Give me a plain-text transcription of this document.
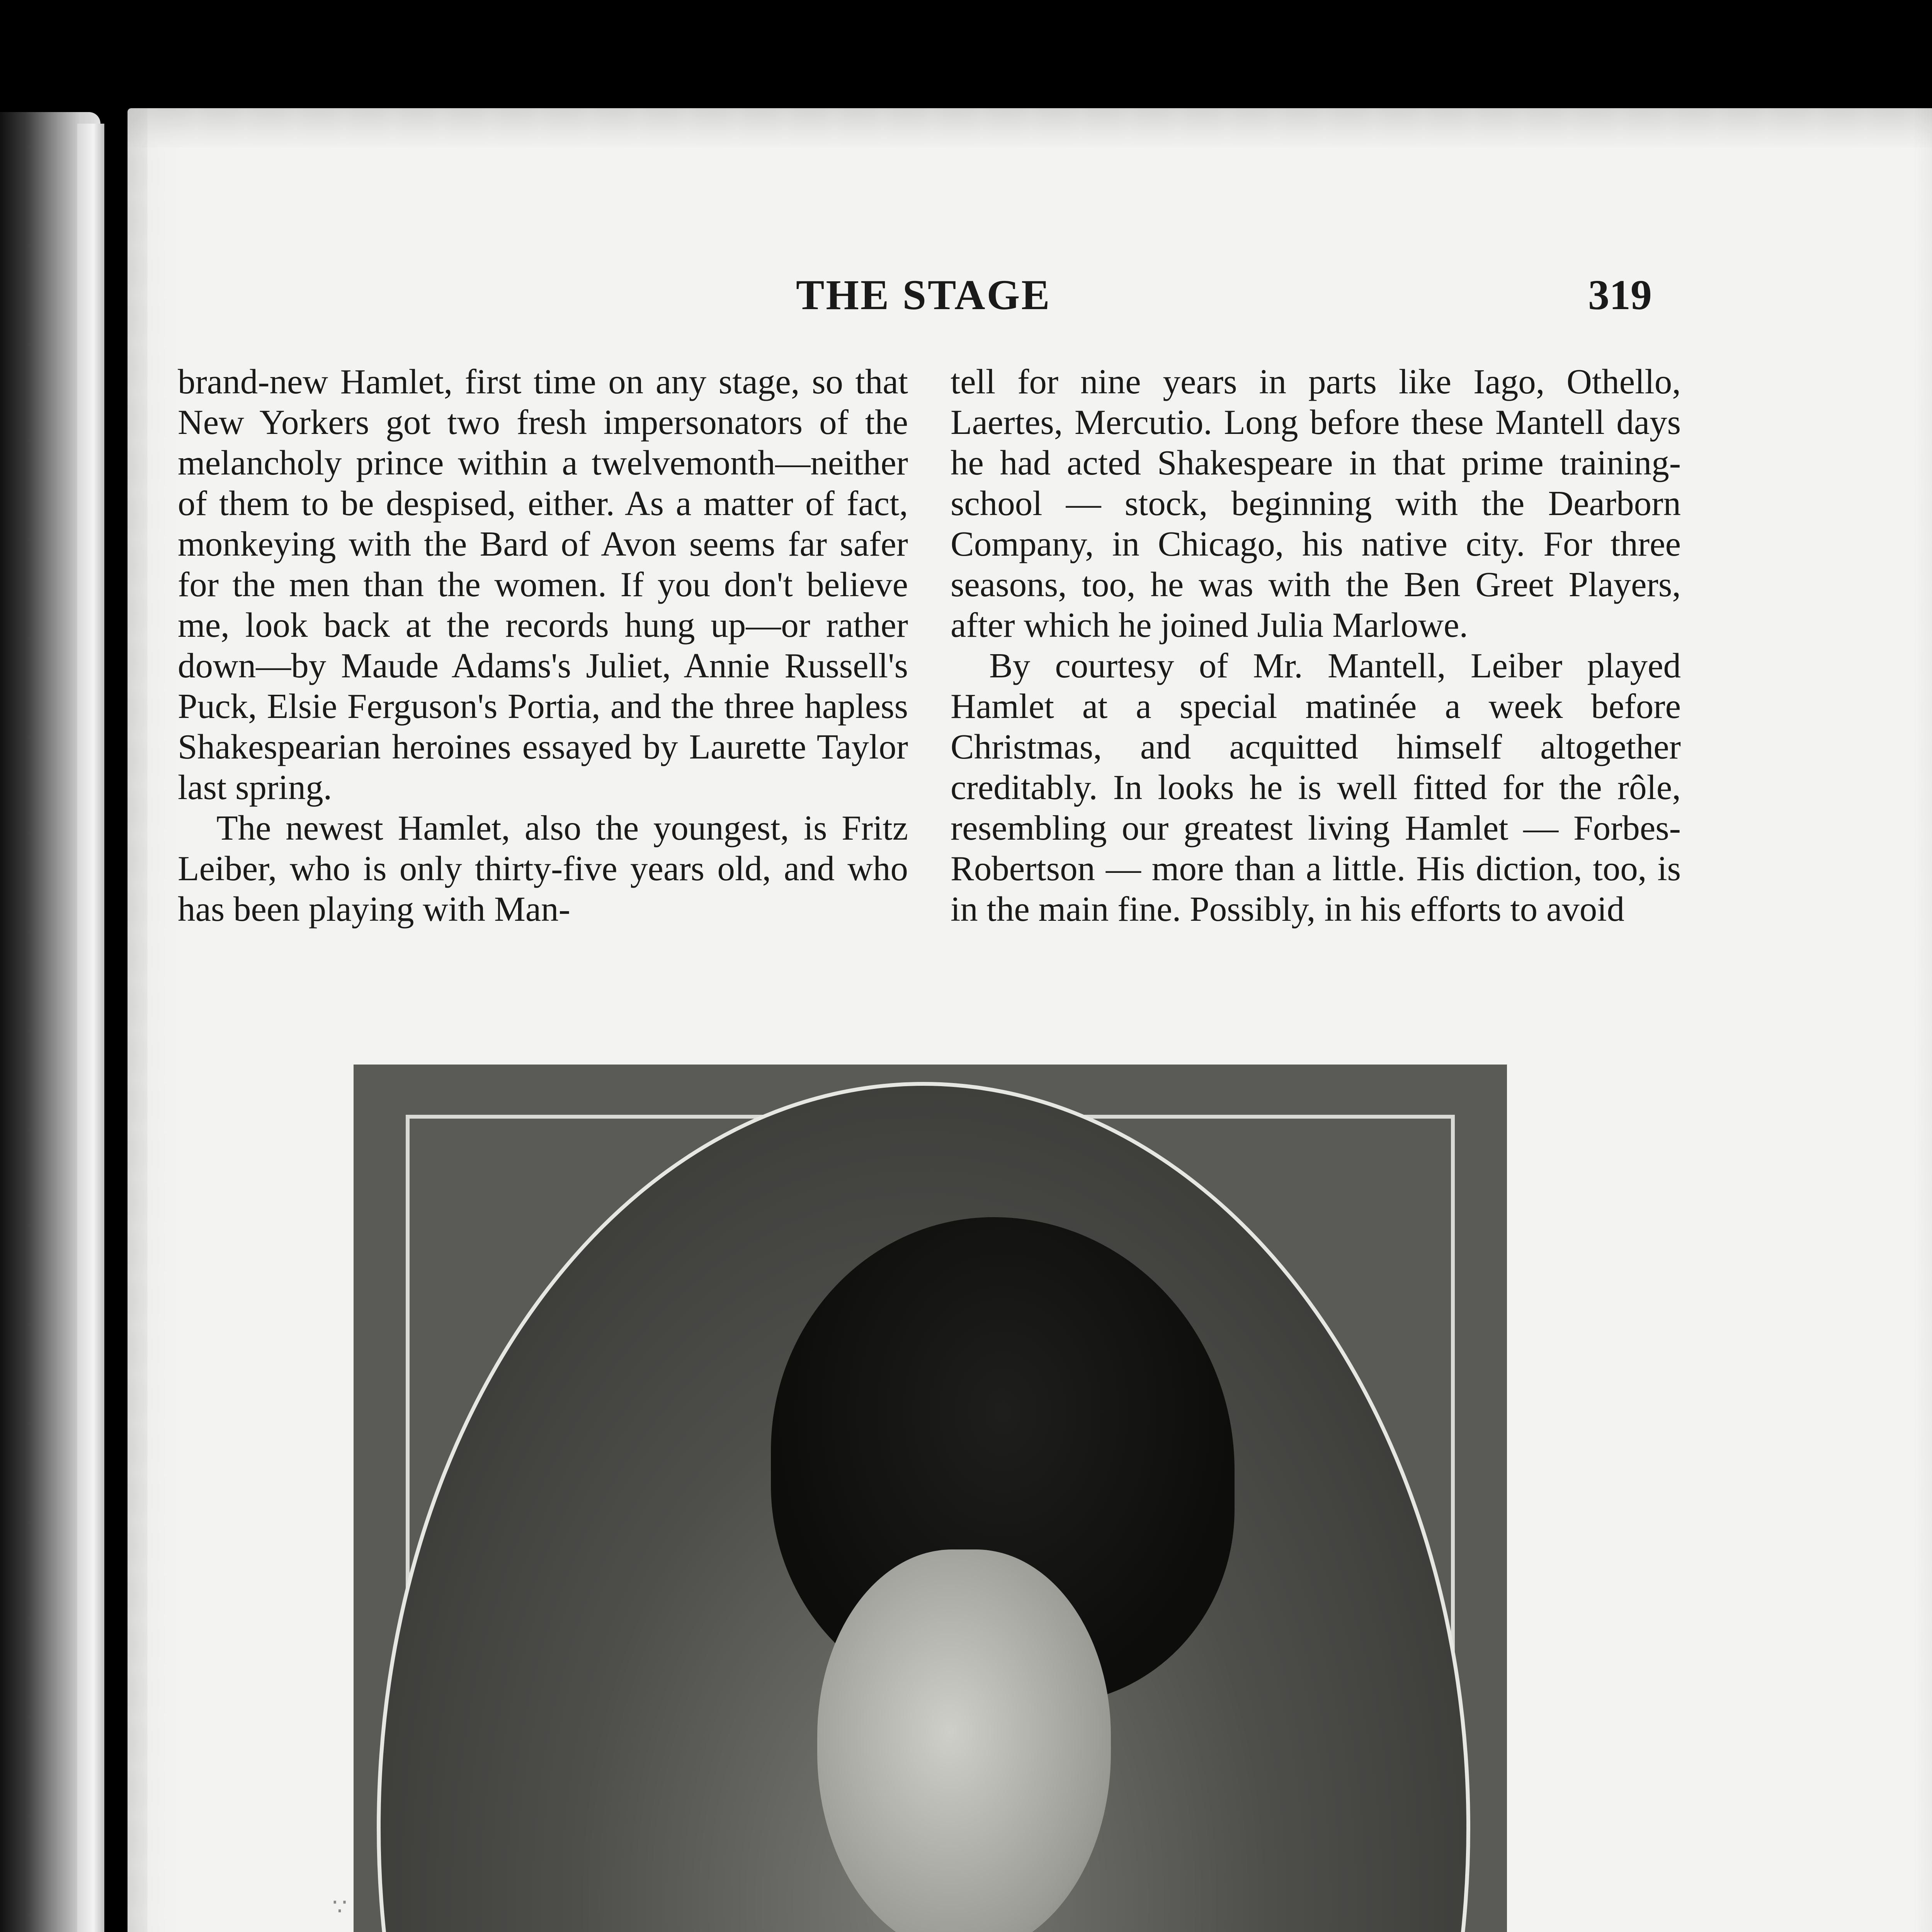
THE STAGE	319

brand-new Hamlet, first time on any stage, so that New Yorkers got two fresh impersonators of the melancholy prince within a twelvemonth—neither of them to be despised, either. As a matter of fact, monkeying with the Bard of Avon seems far safer for the men than the women. If you don't believe me, look back at the records hung up—or rather down—by Maude Adams's Juliet, Annie Russell's Puck, Elsie Ferguson's Portia, and the three hapless Shakespearian heroines essayed by Laurette Taylor last spring.

The newest Hamlet, also the youngest, is Fritz Leiber, who is only thirty-five years old, and who has been playing with Man-

tell for nine years in parts like Iago, Othello, Laertes, Mercutio. Long before these Mantell days he had acted Shakespeare in that prime training-school — stock, beginning with the Dearborn Company, in Chicago, his native city. For three seasons, too, he was with the Ben Greet Players, after which he joined Julia Marlowe.

By courtesy of Mr. Mantell, Leiber played Hamlet at a special matinée a week before Christmas, and acquitted himself altogether creditably. In looks he is well fitted for the rôle, resembling our greatest living Hamlet — Forbes-Robertson — more than a little. His diction, too, is in the main fine. Possibly, in his efforts to avoid

∵
